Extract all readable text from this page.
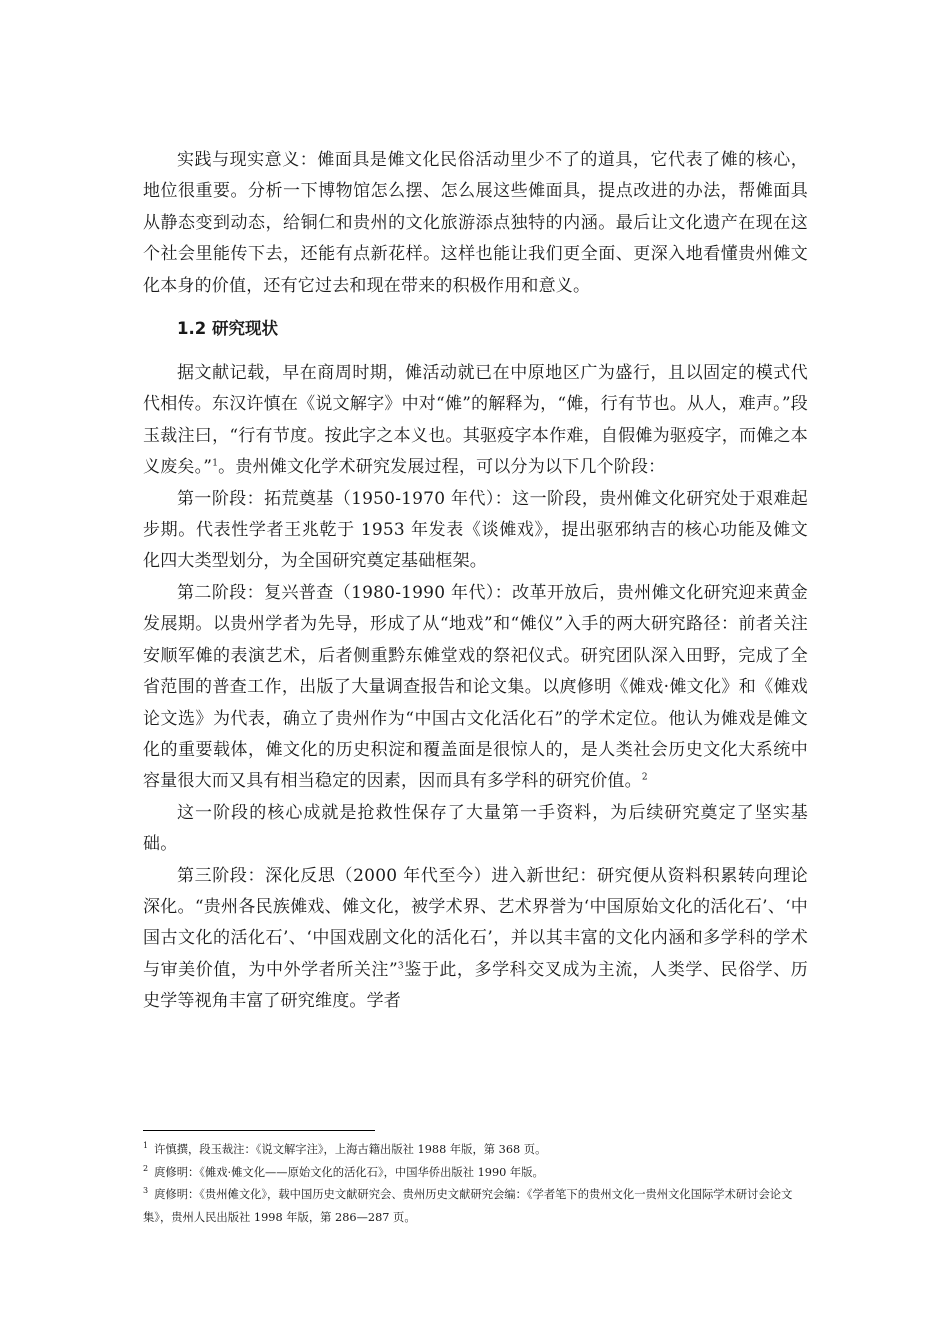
实践与现实意义：傩面具是傩文化民俗活动里少不了的道具，它代表了傩的核心，地位很重要。分析一下博物馆怎么摆、怎么展这些傩面具，提点改进的办法，帮傩面具从静态变到动态，给铜仁和贵州的文化旅游添点独特的内涵。最后让文化遗产在现在这个社会里能传下去，还能有点新花样。这样也能让我们更全面、更深入地看懂贵州傩文化本身的价值，还有它过去和现在带来的积极作用和意义。

1.2 研究现状

据文献记载，早在商周时期，傩活动就已在中原地区广为盛行，且以固定的模式代代相传。东汉许慎在《说文解字》中对“傩”的解释为，“傩，行有节也。从人，难声。”段玉裁注曰，“行有节度。按此字之本义也。其驱疫字本作难，自假傩为驱疫字，而傩之本义废矣。”$^1$。贵州傩文化学术研究发展过程，可以分为以下几个阶段：

第一阶段：拓荒奠基（1950-1970 年代）：这一阶段，贵州傩文化研究处于艰难起步期。代表性学者王兆乾于 1953 年发表《谈傩戏》，提出驱邪纳吉的核心功能及傩文化四大类型划分，为全国研究奠定基础框架。

第二阶段：复兴普查（1980-1990 年代）：改革开放后，贵州傩文化研究迎来黄金发展期。以贵州学者为先导，形成了从“地戏”和“傩仪”入手的两大研究路径：前者关注安顺军傩的表演艺术，后者侧重黔东傩堂戏的祭祀仪式。研究团队深入田野，完成了全省范围的普查工作，出版了大量调查报告和论文集。以庹修明《傩戏·傩文化》和《傩戏论文选》为代表，确立了贵州作为“中国古文化活化石”的学术定位。他认为傩戏是傩文化的重要载体，傩文化的历史积淀和覆盖面是很惊人的，是人类社会历史文化大系统中容量很大而又具有相当稳定的因素，因而具有多学科的研究价值。$^2$

这一阶段的核心成就是抢救性保存了大量第一手资料，为后续研究奠定了坚实基础。

第三阶段：深化反思（2000 年代至今）进入新世纪：研究便从资料积累转向理论深化。“贵州各民族傩戏、傩文化，被学术界、艺术界誉为‘中国原始文化的活化石’、‘中国古文化的活化石’、‘中国戏剧文化的活化石’，并以其丰富的文化内涵和多学科的学术与审美价值，为中外学者所关注”$^3$鉴于此，多学科交叉成为主流，人类学、民俗学、历史学等视角丰富了研究维度。学者

$^1$ 许慎撰，段玉裁注：《说文解字注》，上海古籍出版社 1988 年版，第 368 页。

$^2$ 庹修明：《傩戏·傩文化——原始文化的活化石》，中国华侨出版社 1990 年版。

$^3$ 庹修明：《贵州傩文化》，载中国历史文献研究会、贵州历史文献研究会编：《学者笔下的贵州文化一贵州文化国际学术研讨会论文集》，贵州人民出版社 1998 年版，第 286—287 页。
